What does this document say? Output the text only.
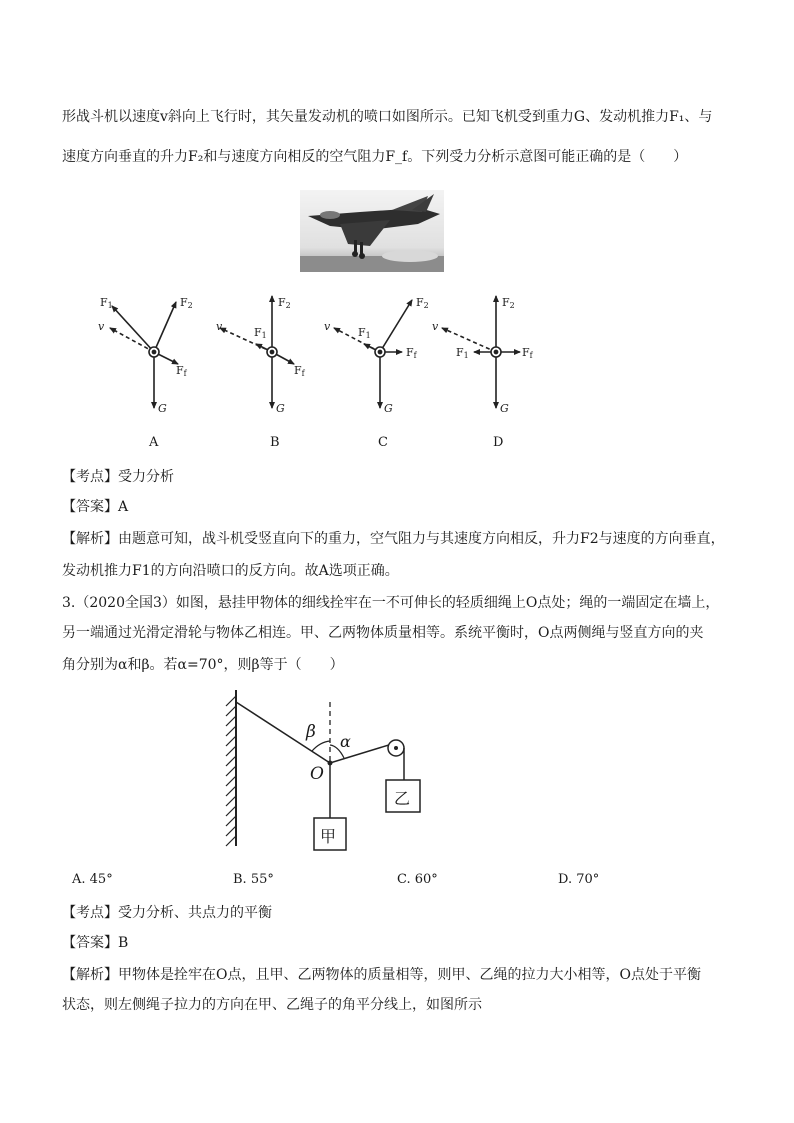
形战斗机以速度v斜向上飞行时，其矢量发动机的喷口如图所示。已知飞机受到重力G、发动机推力F₁、与
速度方向垂直的升力F₂和与速度方向相反的空气阻力F_f。下列受力分析示意图可能正确的是（　　）
F1	F2
v
Ff
G
F2
v	F1
Ff
G
F2
v	F1
Ff
G
F2
v
F1	Ff
G
A	B	C	D
【考点】受力分析
【答案】A
【解析】由题意可知，战斗机受竖直向下的重力，空气阻力与其速度方向相反，升力F2与速度的方向垂直，
发动机推力F1的方向沿喷口的反方向。故A选项正确。
3.（2020全国3）如图，悬挂甲物体的细线拴牢在一不可伸长的轻质细绳上O点处；绳的一端固定在墙上，
另一端通过光滑定滑轮与物体乙相连。甲、乙两物体质量相等。系统平衡时，O点两侧绳与竖直方向的夹
角分别为α和β。若α=70°，则β等于（　　）
β α
O
甲
乙
A. 45°	B. 55°	C. 60°	D. 70°
【考点】受力分析、共点力的平衡
【答案】B
【解析】甲物体是拴牢在O点，且甲、乙两物体的质量相等，则甲、乙绳的拉力大小相等，O点处于平衡
状态，则左侧绳子拉力的方向在甲、乙绳子的角平分线上，如图所示
